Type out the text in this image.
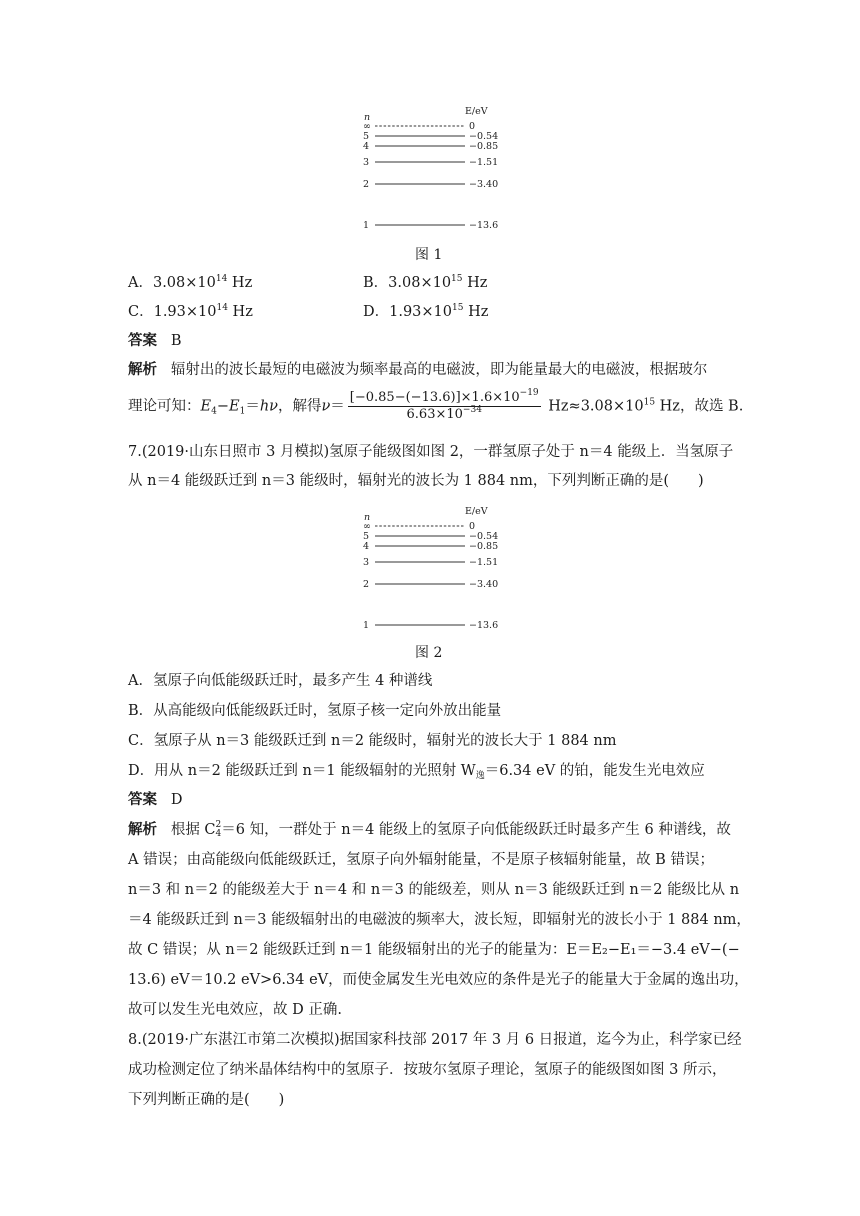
n
E/eV
∞	0
5	−0.54
4	−0.85
3	−1.51
2	−3.40
1	−13.6
图 1
A．$3.08\times 10^{14}$ Hz	B．$3.08\times 10^{15}$ Hz
C．$1.93\times 10^{14}$ Hz	D．$1.93\times 10^{15}$ Hz
答案 B
解析 辐射出的波长最短的电磁波为频率最高的电磁波，即为能量最大的电磁波，根据玻尔
理论可知：$E_4-E_1=h\nu$，解得$\nu= \frac{[-0.85-(-13.6)]\times 1.6\times 10^{-19}}{6.63\times 10^{-34}} Hz\approx 3.08\times 10^{15}$ Hz，故选 B.
7.(2019·山东日照市 3 月模拟)氢原子能级图如图 2，一群氢原子处于 n＝4 能级上．当氢原子
从 n＝4 能级跃迁到 n＝3 能级时，辐射光的波长为 1 884 nm，下列判断正确的是(　　)
n
E/eV
∞	0
5	−0.54
4	−0.85
3	−1.51
2	−3.40
1	−13.6
图 2
A．氢原子向低能级跃迁时，最多产生 4 种谱线
B．从高能级向低能级跃迁时，氢原子核一定向外放出能量
C．氢原子从 n＝3 能级跃迁到 n＝2 能级时，辐射光的波长大于 1 884 nm
D．用从 n＝2 能级跃迁到 n＝1 能级辐射的光照射 $W_逸=6.34$ eV 的铂，能发生光电效应
答案 D
解析 根据 C 2
4 ＝6 知，一群处于 n＝4 能级上的氢原子向低能级跃迁时最多产生 6 种谱线，故
A 错误；由高能级向低能级跃迁，氢原子向外辐射能量，不是原子核辐射能量，故 B 错误；
n＝3 和 n＝2 的能级差大于 n＝4 和 n＝3 的能级差，则从 n＝3 能级跃迁到 n＝2 能级比从 n
＝4 能级跃迁到 n＝3 能级辐射出的电磁波的频率大，波长短，即辐射光的波长小于 1 884 nm，
故 C 错误；从 n＝2 能级跃迁到 n＝1 能级辐射出的光子的能量为：E＝E₂−E₁＝−3.4 eV−(−
13.6) eV＝10.2 eV>6.34 eV，而使金属发生光电效应的条件是光子的能量大于金属的逸出功，
故可以发生光电效应，故 D 正确.
8.(2019·广东湛江市第二次模拟)据国家科技部 2017 年 3 月 6 日报道，迄今为止，科学家已经
成功检测定位了纳米晶体结构中的氢原子．按玻尔氢原子理论，氢原子的能级图如图 3 所示，
下列判断正确的是(　　)
